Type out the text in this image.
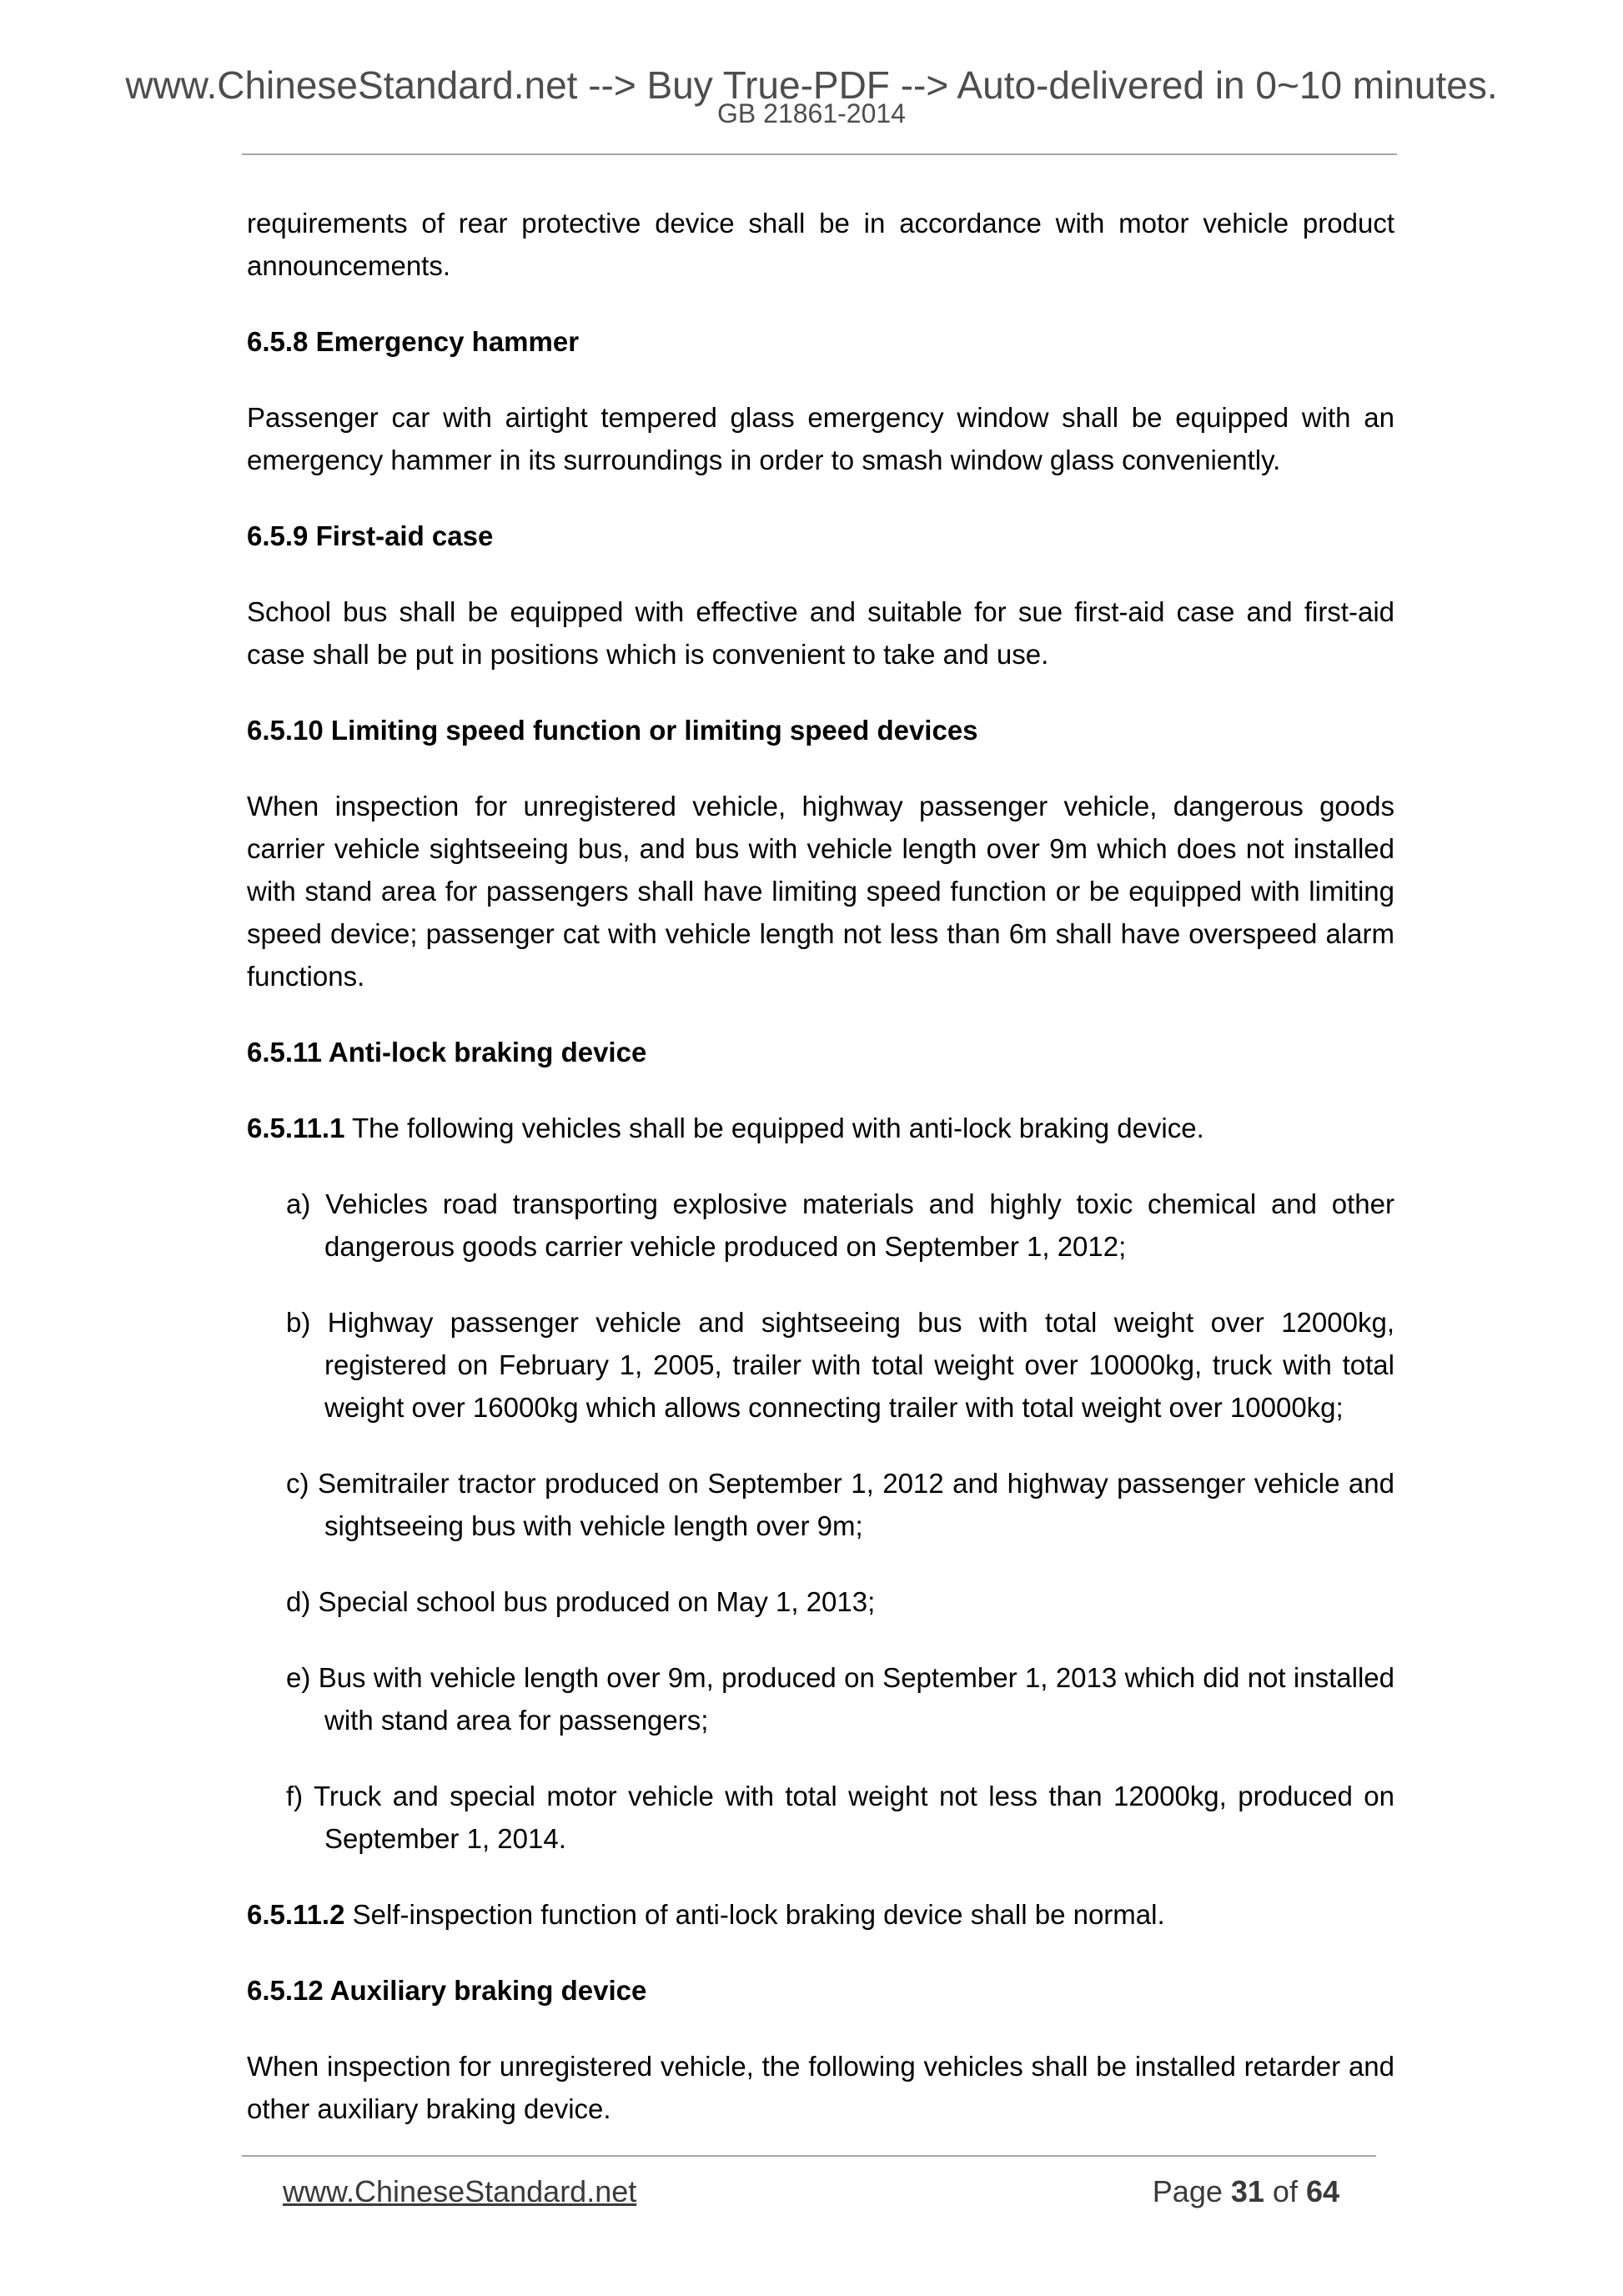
www.ChineseStandard.net --> Buy True-PDF --> Auto-delivered in 0~10 minutes.
GB 21861-2014

requirements of rear protective device shall be in accordance with motor vehicle product announcements.

6.5.8 Emergency hammer

Passenger car with airtight tempered glass emergency window shall be equipped with an emergency hammer in its surroundings in order to smash window glass conveniently.

6.5.9 First-aid case

School bus shall be equipped with effective and suitable for sue first-aid case and first-aid case shall be put in positions which is convenient to take and use.

6.5.10 Limiting speed function or limiting speed devices

When inspection for unregistered vehicle, highway passenger vehicle, dangerous goods carrier vehicle sightseeing bus, and bus with vehicle length over 9m which does not installed with stand area for passengers shall have limiting speed function or be equipped with limiting speed device; passenger cat with vehicle length not less than 6m shall have overspeed alarm functions.

6.5.11 Anti-lock braking device

6.5.11.1 The following vehicles shall be equipped with anti-lock braking device.

a) Vehicles road transporting explosive materials and highly toxic chemical and other dangerous goods carrier vehicle produced on September 1, 2012;

b) Highway passenger vehicle and sightseeing bus with total weight over 12000kg, registered on February 1, 2005, trailer with total weight over 10000kg, truck with total weight over 16000kg which allows connecting trailer with total weight over 10000kg;

c) Semitrailer tractor produced on September 1, 2012 and highway passenger vehicle and sightseeing bus with vehicle length over 9m;

d) Special school bus produced on May 1, 2013;

e) Bus with vehicle length over 9m, produced on September 1, 2013 which did not installed with stand area for passengers;

f) Truck and special motor vehicle with total weight not less than 12000kg, produced on September 1, 2014.

6.5.11.2 Self-inspection function of anti-lock braking device shall be normal.

6.5.12 Auxiliary braking device

When inspection for unregistered vehicle, the following vehicles shall be installed retarder and other auxiliary braking device.

www.ChineseStandard.net	Page 31 of 64
